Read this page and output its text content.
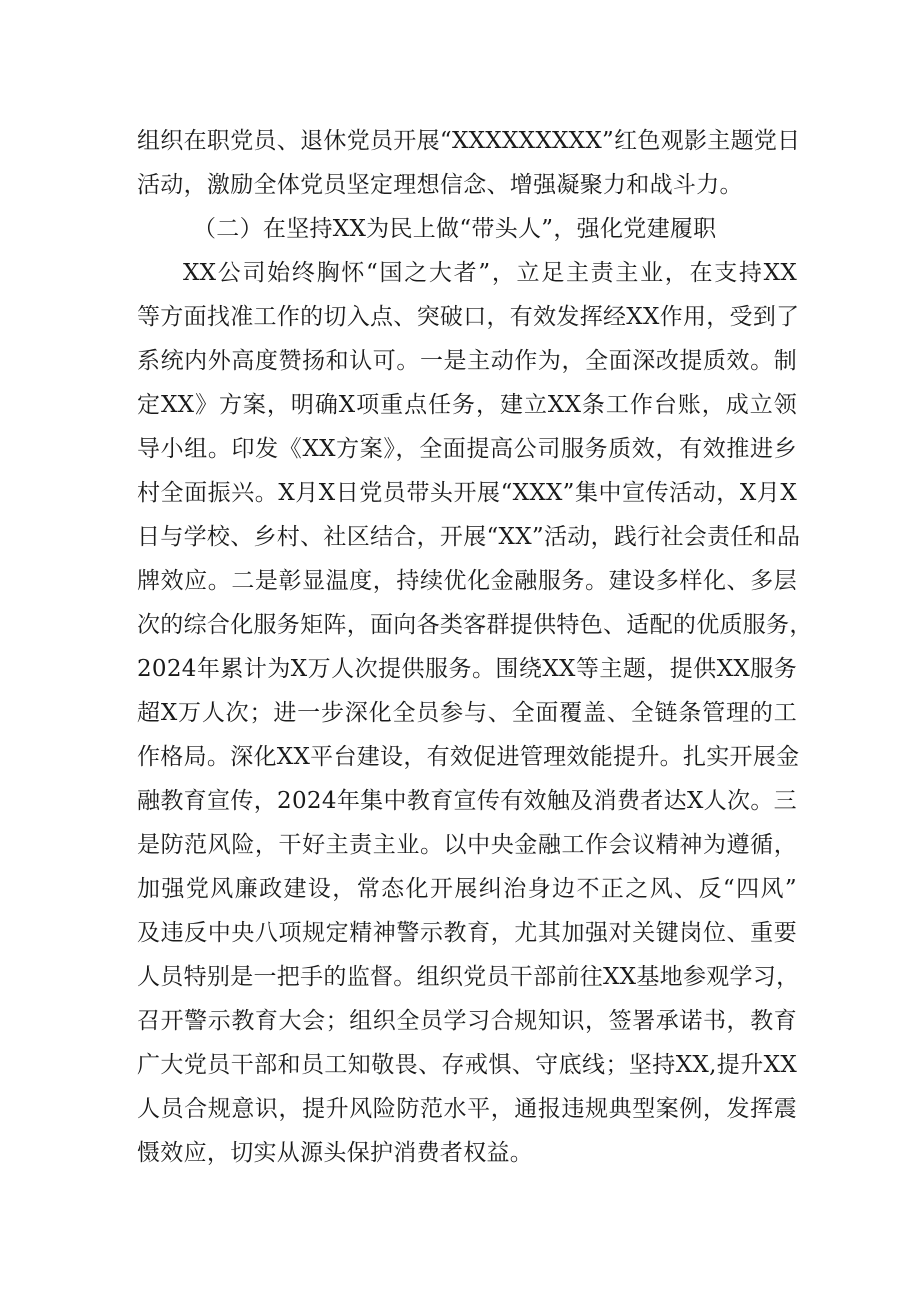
组织在职党员、退休党员开展“XXXXXXXXX”红色观影主题党日
活动，激励全体党员坚定理想信念、增强凝聚力和战斗力。
（二）在坚持XX为民上做“带头人”，强化党建履职
XX公司始终胸怀“国之大者”，立足主责主业，在支持XX
等方面找准工作的切入点、突破口，有效发挥经XX作用，受到了
系统内外高度赞扬和认可。一是主动作为，全面深改提质效。制
定XX》方案，明确X项重点任务，建立XX条工作台账，成立领
导小组。印发《XX方案》，全面提高公司服务质效，有效推进乡
村全面振兴。X月X日党员带头开展“XXX”集中宣传活动，X月X
日与学校、乡村、社区结合，开展“XX”活动，践行社会责任和品
牌效应。二是彰显温度，持续优化金融服务。建设多样化、多层
次的综合化服务矩阵，面向各类客群提供特色、适配的优质服务，
2024年累计为X万人次提供服务。围绕XX等主题，提供XX服务
超X万人次；进一步深化全员参与、全面覆盖、全链条管理的工
作格局。深化XX平台建设，有效促进管理效能提升。扎实开展金
融教育宣传，2024年集中教育宣传有效触及消费者达X人次。三
是防范风险，干好主责主业。以中央金融工作会议精神为遵循，
加强党风廉政建设，常态化开展纠治身边不正之风、反“四风”
及违反中央八项规定精神警示教育，尤其加强对关键岗位、重要
人员特别是一把手的监督。组织党员干部前往XX基地参观学习，
召开警示教育大会；组织全员学习合规知识，签署承诺书，教育
广大党员干部和员工知敬畏、存戒惧、守底线；坚持XX,提升XX
人员合规意识，提升风险防范水平，通报违规典型案例，发挥震
慑效应，切实从源头保护消费者权益。
